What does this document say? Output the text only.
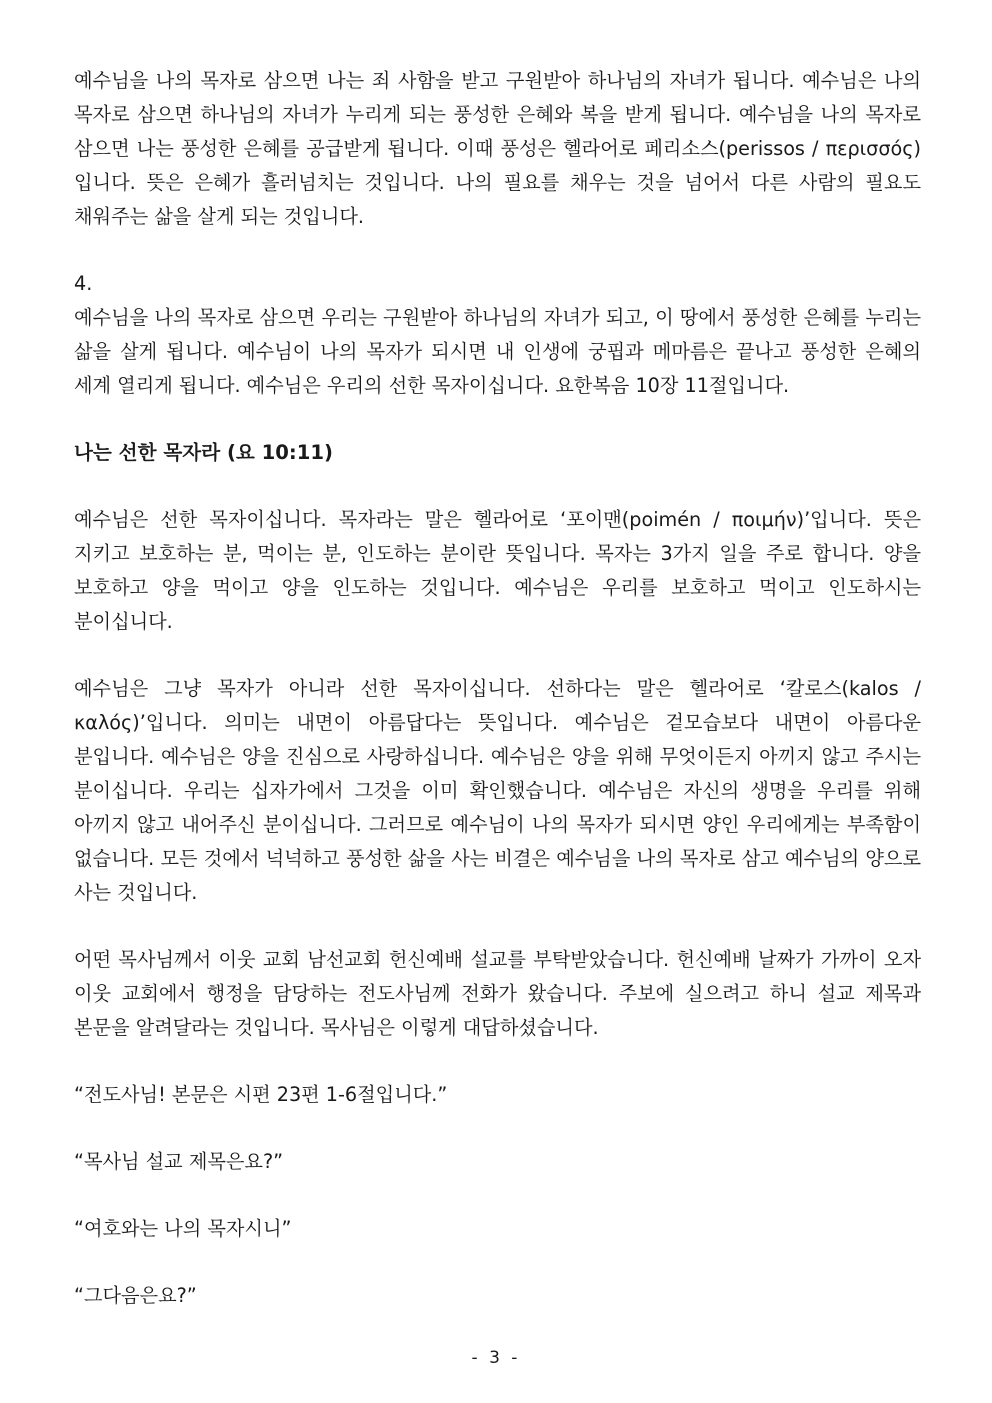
예수님을 나의 목자로 삼으면 나는 죄 사함을 받고 구원받아 하나님의 자녀가 됩니다. 예수님은 나의 목자로 삼으면 하나님의 자녀가 누리게 되는 풍성한 은혜와 복을 받게 됩니다. 예수님을 나의 목자로 삼으면 나는 풍성한 은혜를 공급받게 됩니다. 이때 풍성은 헬라어로 페리소스(perissos / περισσός)입니다. 뜻은 은혜가 흘러넘치는 것입니다. 나의 필요를 채우는 것을 넘어서 다른 사람의 필요도 채워주는 삶을 살게 되는 것입니다.

4.

예수님을 나의 목자로 삼으면 우리는 구원받아 하나님의 자녀가 되고, 이 땅에서 풍성한 은혜를 누리는 삶을 살게 됩니다. 예수님이 나의 목자가 되시면 내 인생에 궁핍과 메마름은 끝나고 풍성한 은혜의 세계 열리게 됩니다. 예수님은 우리의 선한 목자이십니다. 요한복음 10장 11절입니다.

나는 선한 목자라 (요 10:11)

예수님은 선한 목자이십니다. 목자라는 말은 헬라어로 ‘포이맨(poimén / ποιμήν)’입니다. 뜻은 지키고 보호하는 분, 먹이는 분, 인도하는 분이란 뜻입니다. 목자는 3가지 일을 주로 합니다. 양을 보호하고 양을 먹이고 양을 인도하는 것입니다. 예수님은 우리를 보호하고 먹이고 인도하시는 분이십니다.

예수님은 그냥 목자가 아니라 선한 목자이십니다. 선하다는 말은 헬라어로 ‘칼로스(kalos / καλός)’입니다. 의미는 내면이 아름답다는 뜻입니다. 예수님은 겉모습보다 내면이 아름다운 분입니다. 예수님은 양을 진심으로 사랑하십니다. 예수님은 양을 위해 무엇이든지 아끼지 않고 주시는 분이십니다. 우리는 십자가에서 그것을 이미 확인했습니다. 예수님은 자신의 생명을 우리를 위해 아끼지 않고 내어주신 분이십니다. 그러므로 예수님이 나의 목자가 되시면 양인 우리에게는 부족함이 없습니다. 모든 것에서 넉넉하고 풍성한 삶을 사는 비결은 예수님을 나의 목자로 삼고 예수님의 양으로 사는 것입니다.

어떤 목사님께서 이웃 교회 남선교회 헌신예배 설교를 부탁받았습니다. 헌신예배 날짜가 가까이 오자 이웃 교회에서 행정을 담당하는 전도사님께 전화가 왔습니다. 주보에 실으려고 하니 설교 제목과 본문을 알려달라는 것입니다. 목사님은 이렇게 대답하셨습니다.

“전도사님! 본문은 시편 23편 1-6절입니다.”

“목사님 설교 제목은요?”

“여호와는 나의 목자시니”

“그다음은요?”

- 3 -
